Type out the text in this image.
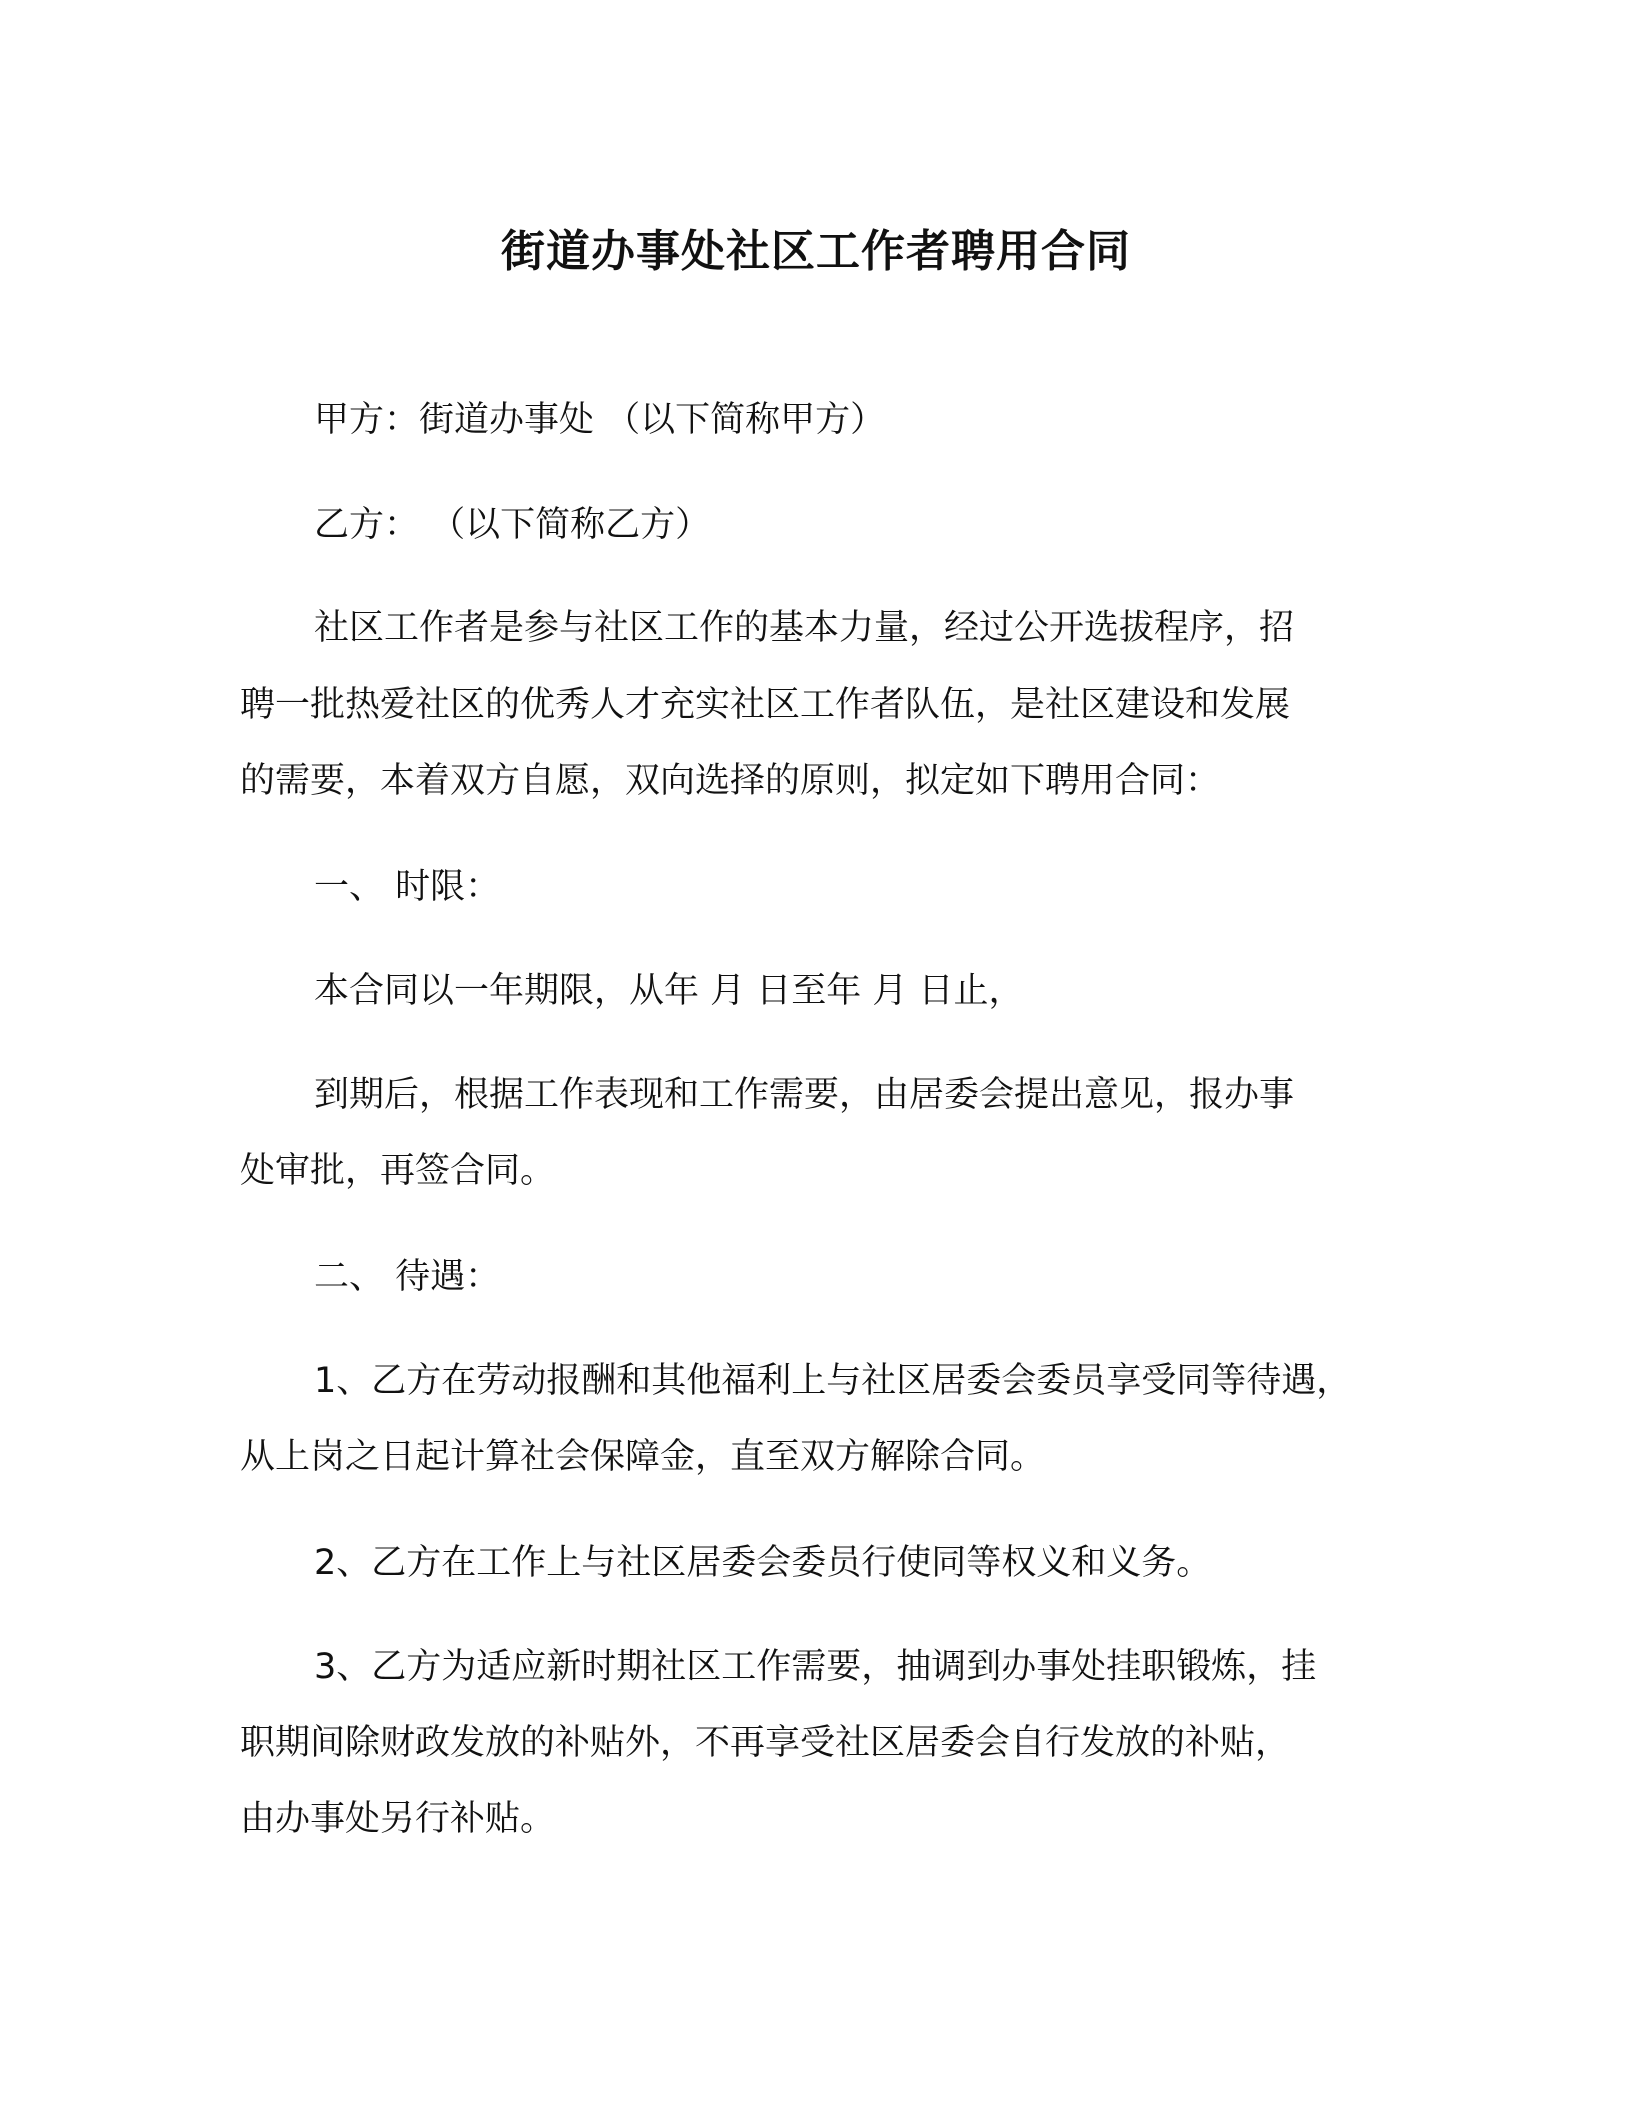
街道办事处社区工作者聘用合同
甲方：街道办事处 （以下简称甲方）
乙方： （以下简称乙方）
社区工作者是参与社区工作的基本力量，经过公开选拔程序，招
聘一批热爱社区的优秀人才充实社区工作者队伍，是社区建设和发展
的需要，本着双方自愿，双向选择的原则，拟定如下聘用合同：
一、 时限：
本合同以一年期限，从年 月 日至年 月 日止，
到期后，根据工作表现和工作需要，由居委会提出意见，报办事
处审批，再签合同。
二、 待遇：
1、乙方在劳动报酬和其他福利上与社区居委会委员享受同等待遇，
从上岗之日起计算社会保障金，直至双方解除合同。
2、乙方在工作上与社区居委会委员行使同等权义和义务。
3、乙方为适应新时期社区工作需要，抽调到办事处挂职锻炼，挂
职期间除财政发放的补贴外，不再享受社区居委会自行发放的补贴，
由办事处另行补贴。
